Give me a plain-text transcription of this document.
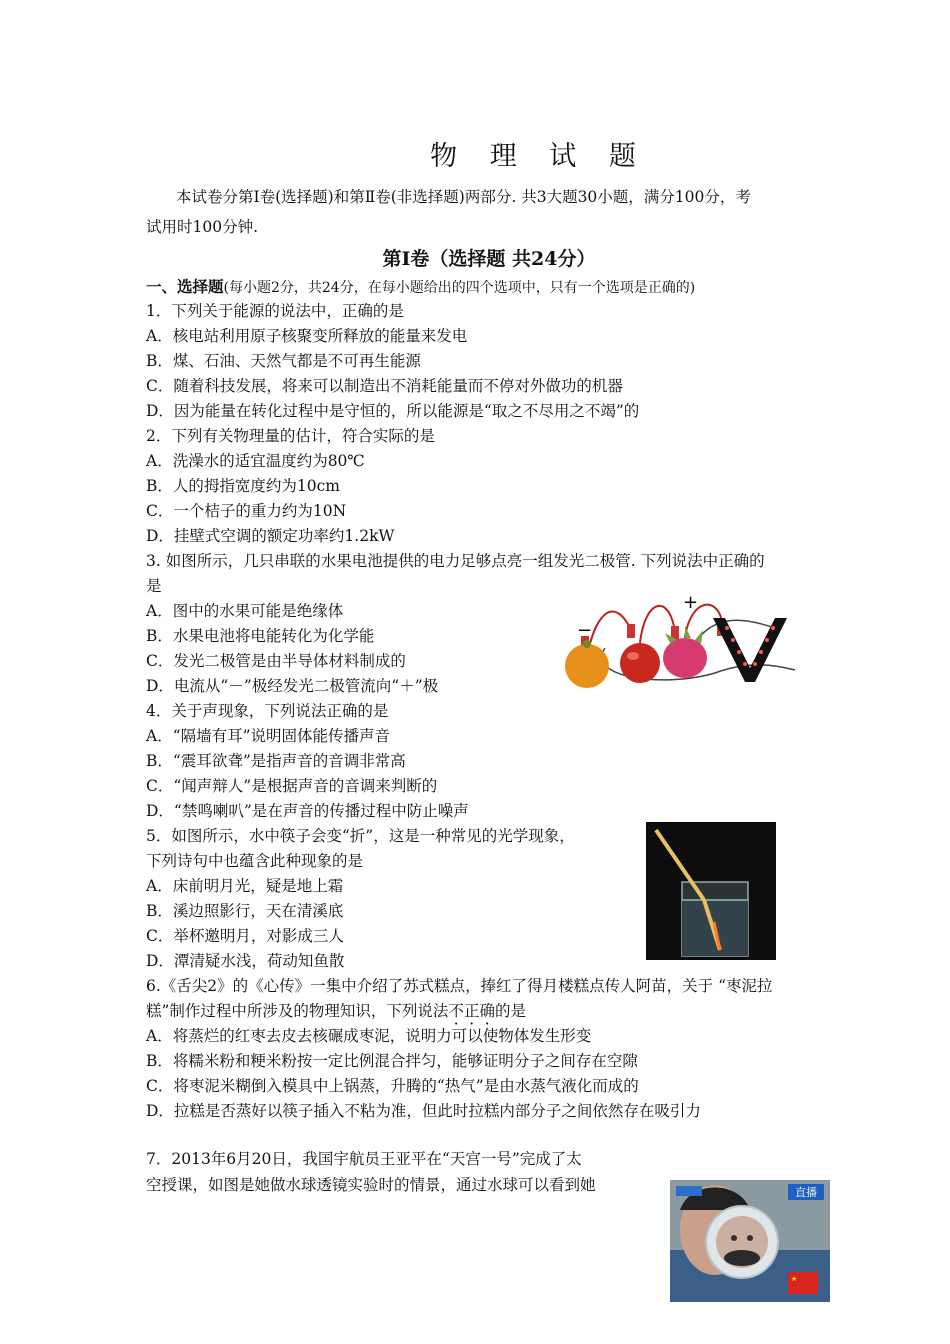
物 理 试 题
本试卷分第Ⅰ卷(选择题)和第Ⅱ卷(非选择题)两部分. 共3大题30小题，满分100分，考
试用时100分钟.
第Ⅰ卷（选择题 共24分）
一、选择题(每小题2分，共24分，在每小题给出的四个选项中，只有一个选项是正确的)
1．下列关于能源的说法中，正确的是
A．核电站利用原子核聚变所释放的能量来发电
B．煤、石油、天然气都是不可再生能源
C．随着科技发展，将来可以制造出不消耗能量而不停对外做功的机器
D．因为能量在转化过程中是守恒的，所以能源是“取之不尽用之不竭”的
2．下列有关物理量的估计，符合实际的是
A．洗澡水的适宜温度约为80℃
B．人的拇指宽度约为10cm
C．一个桔子的重力约为10N
D．挂壁式空调的额定功率约1.2kW
3. 如图所示，几只串联的水果电池提供的电力足够点亮一组发光二极管. 下列说法中正确的
是
A．图中的水果可能是绝缘体
B．水果电池将电能转化为化学能
C．发光二极管是由半导体材料制成的
D．电流从“－”极经发光二极管流向“＋”极
+
−
4．关于声现象，下列说法正确的是
A．“隔墙有耳”说明固体能传播声音
B．“震耳欲聋”是指声音的音调非常高
C．“闻声辩人”是根据声音的音调来判断的
D．“禁鸣喇叭”是在声音的传播过程中防止噪声
5．如图所示，水中筷子会变“折”，这是一种常见的光学现象，
下列诗句中也蕴含此种现象的是
A．床前明月光，疑是地上霜
B．溪边照影行，天在清溪底
C．举杯邀明月，对影成三人
D．潭清疑水浅，荷动知鱼散
6.《舌尖2》的《心传》一集中介绍了苏式糕点，捧红了得月楼糕点传人阿苗，关于 “枣泥拉
糕”制作过程中所涉及的物理知识，下列说法不正确的是
A．将蒸烂的红枣去皮去核碾成枣泥，说明力可以使物体发生形变
B．将糯米粉和粳米粉按一定比例混合拌匀，能够证明分子之间存在空隙
C．将枣泥米糊倒入模具中上锅蒸，升腾的“热气”是由水蒸气液化而成的
D．拉糕是否蒸好以筷子插入不粘为准，但此时拉糕内部分子之间依然存在吸引力
7．2013年6月20日，我国宇航员王亚平在“天宫一号”完成了太
空授课，如图是她做水球透镜实验时的情景，通过水球可以看到她	直播
